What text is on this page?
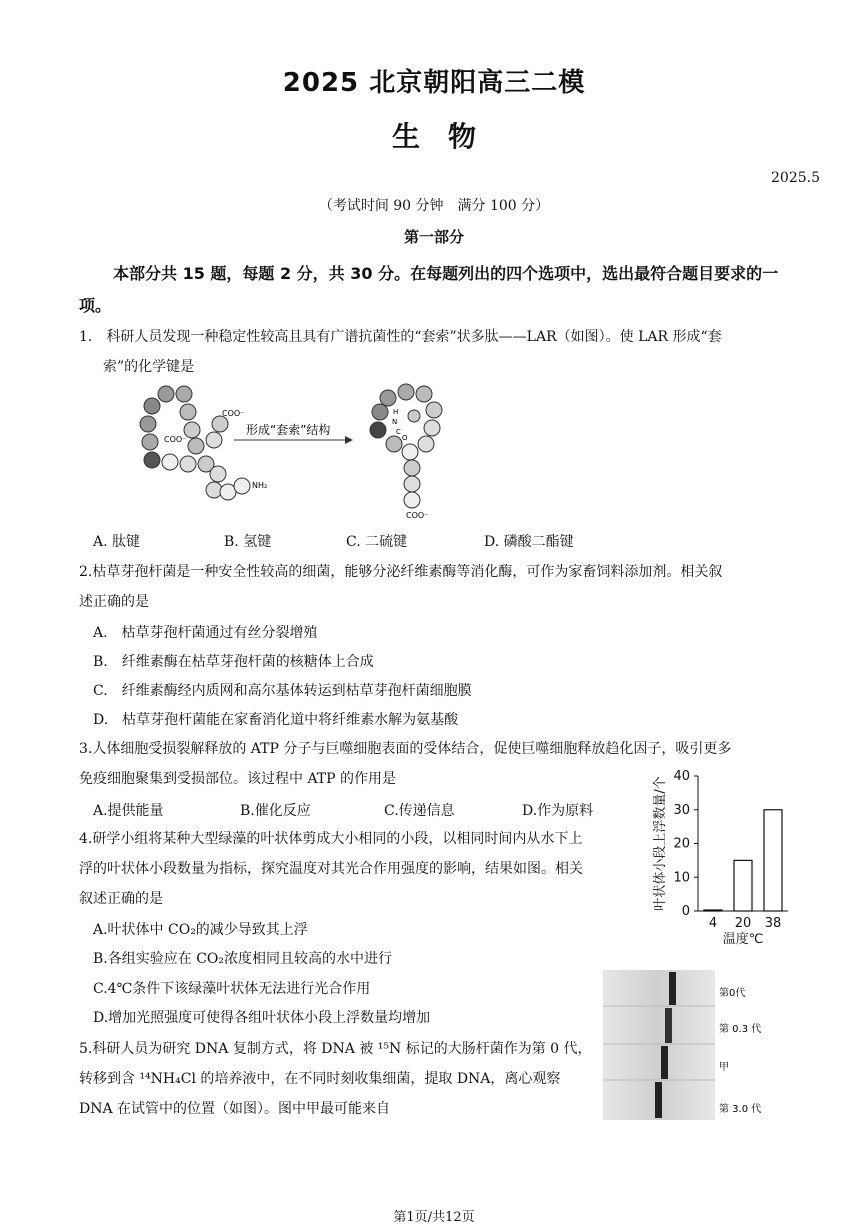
2025 北京朝阳高三二模
生　物
2025.5
（考试时间 90 分钟　满分 100 分）
第一部分
本部分共 15 题，每题 2 分，共 30 分。在每题列出的四个选项中，选出最符合题目要求的一项。
1.　科研人员发现一种稳定性较高且具有广谱抗菌性的“套索”状多肽——LAR（如图）。使 LAR 形成“套
索”的化学键是
COO⁻
COO⁻
NH₂
形成“套索”结构
H
N
C
O
COO⁻
A. 肽键	B. 氢键	C. 二硫键	D. 磷酸二酯键
2.枯草芽孢杆菌是一种安全性较高的细菌，能够分泌纤维素酶等消化酶，可作为家畜饲料添加剂。相关叙
述正确的是
A.　枯草芽孢杆菌通过有丝分裂增殖
B.　纤维素酶在枯草芽孢杆菌的核糖体上合成
C.　纤维素酶经内质网和高尔基体转运到枯草芽孢杆菌细胞膜
D.　枯草芽孢杆菌能在家畜消化道中将纤维素水解为氨基酸
3.人体细胞受损裂解释放的 ATP 分子与巨噬细胞表面的受体结合，促使巨噬细胞释放趋化因子，吸引更多
免疫细胞聚集到受损部位。该过程中 ATP 的作用是
A.提供能量	B.催化反应	C.传递信息	D.作为原料
4.研学小组将某种大型绿藻的叶状体剪成大小相同的小段，以相同时间内从水下上
浮的叶状体小段数量为指标，探究温度对其光合作用强度的影响，结果如图。相关
叙述正确的是
A.叶状体中 CO₂的减少导致其上浮
B.各组实验应在 CO₂浓度相同且较高的水中进行
C.4℃条件下该绿藻叶状体无法进行光合作用
D.增加光照强度可使得各组叶状体小段上浮数量均增加
0
10
20
30
40
4 20 38
温度℃
叶状体小段上浮数量/个
5.科研人员为研究 DNA 复制方式，将 DNA 被 ¹⁵N 标记的大肠杆菌作为第 0 代，
转移到含 ¹⁴NH₄Cl 的培养液中，在不同时刻收集细菌，提取 DNA，离心观察
DNA 在试管中的位置（如图）。图中甲最可能来自
第0代
第 0.3 代
甲
第 3.0 代
第1页/共12页
